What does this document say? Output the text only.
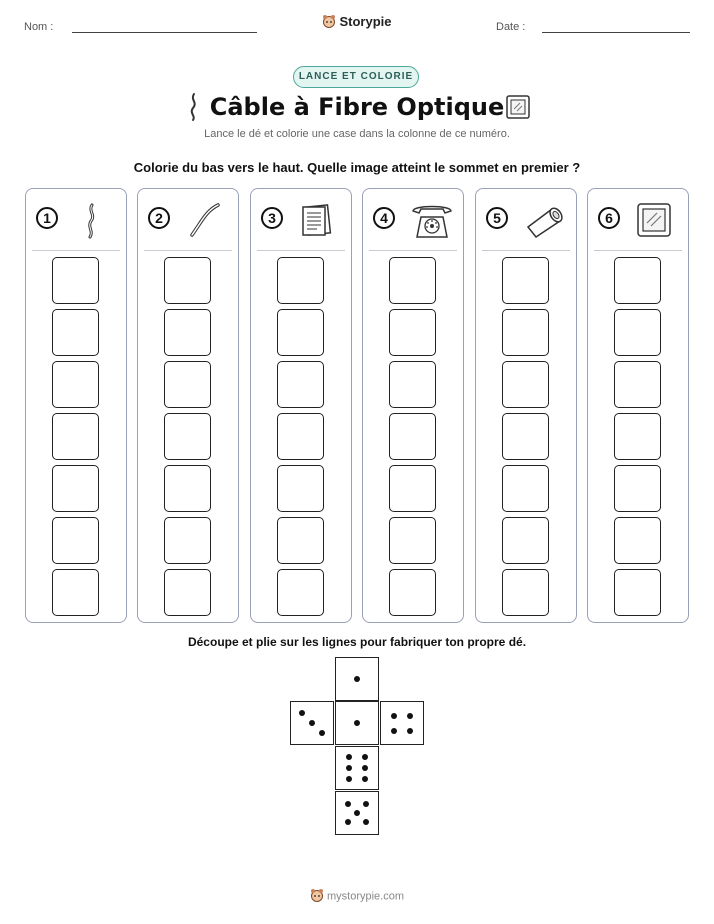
Nom :	Storypie	Date :
LANCE ET COLORIE
Câble à Fibre Optique
Lance le dé et colorie une case dans la colonne de ce numéro.
Colorie du bas vers le haut. Quelle image atteint le sommet en premier ?
1	2	3	4	5	6
Découpe et plie sur les lignes pour fabriquer ton propre dé.
mystorypie.com
